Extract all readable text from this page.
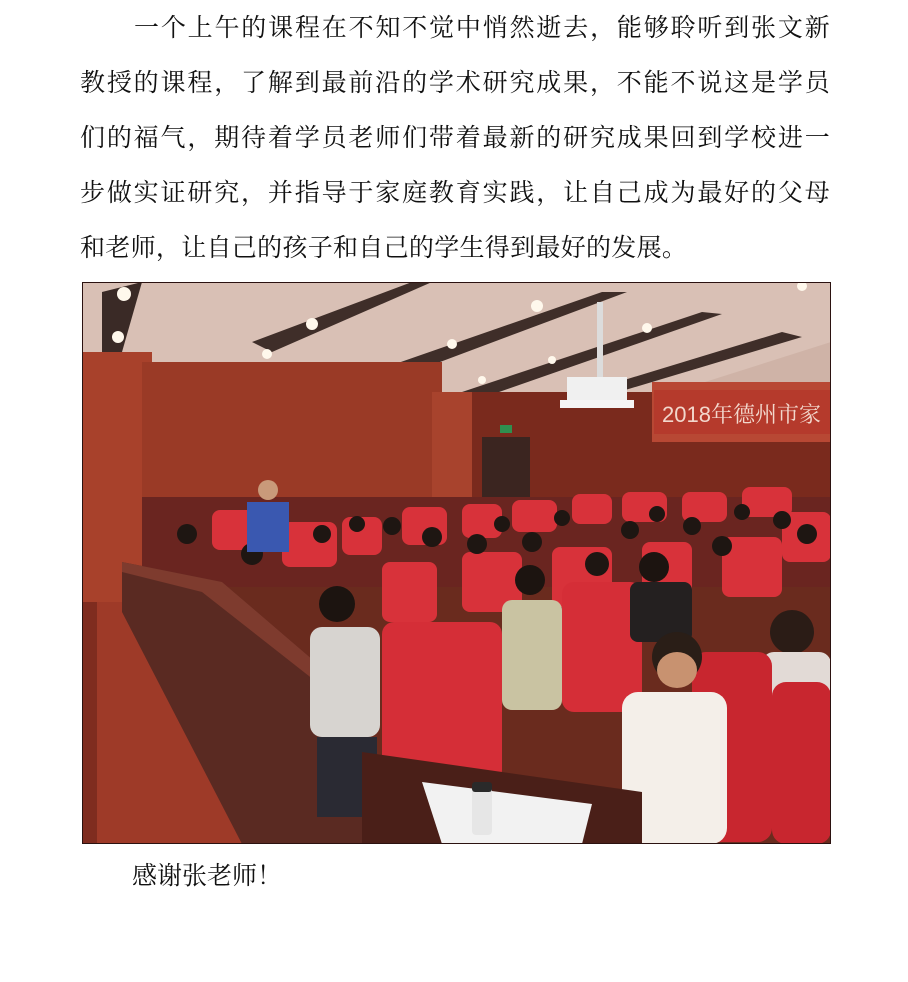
一个上午的课程在不知不觉中悄然逝去，能够聆听到张文新
教授的课程，了解到最前沿的学术研究成果，不能不说这是学员
们的福气，期待着学员老师们带着最新的研究成果回到学校进一
步做实证研究，并指导于家庭教育实践，让自己成为最好的父母
和老师，让自己的孩子和自己的学生得到最好的发展。
2018年德州市家
感谢张老师！
